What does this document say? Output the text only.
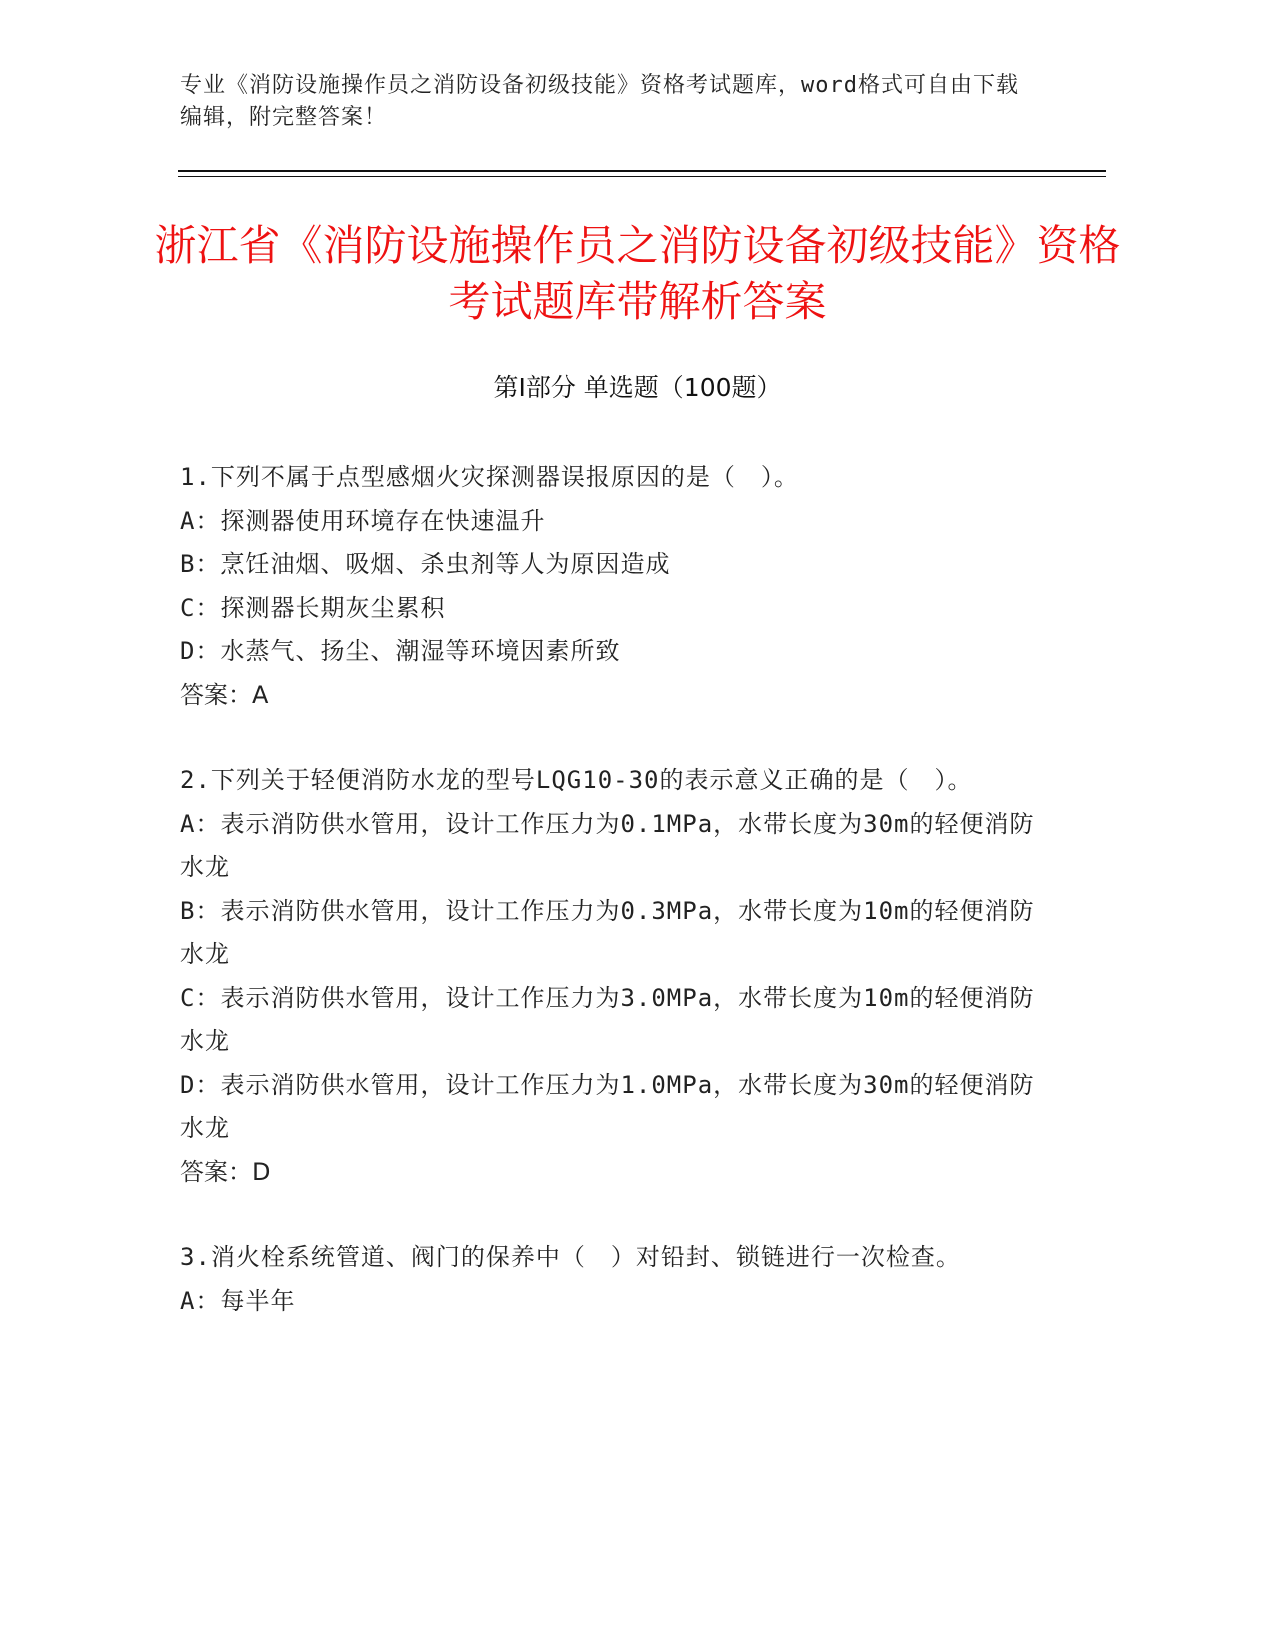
专业《消防设施操作员之消防设备初级技能》资格考试题库，word格式可自由下载编辑，附完整答案！
浙江省《消防设施操作员之消防设备初级技能》资格考试题库带解析答案
第Ⅰ部分 单选题（100题）
1.下列不属于点型感烟火灾探测器误报原因的是（　）。
A：探测器使用环境存在快速温升
B：烹饪油烟、吸烟、杀虫剂等人为原因造成
C：探测器长期灰尘累积
D：水蒸气、扬尘、潮湿等环境因素所致
答案：A
2.下列关于轻便消防水龙的型号LQG10-30的表示意义正确的是（　）。
A：表示消防供水管用，设计工作压力为0.1MPa，水带长度为30m的轻便消防水龙
B：表示消防供水管用，设计工作压力为0.3MPa，水带长度为10m的轻便消防水龙
C：表示消防供水管用，设计工作压力为3.0MPa，水带长度为10m的轻便消防水龙
D：表示消防供水管用，设计工作压力为1.0MPa，水带长度为30m的轻便消防水龙
答案：D
3.消火栓系统管道、阀门的保养中（　）对铅封、锁链进行一次检查。
A：每半年
